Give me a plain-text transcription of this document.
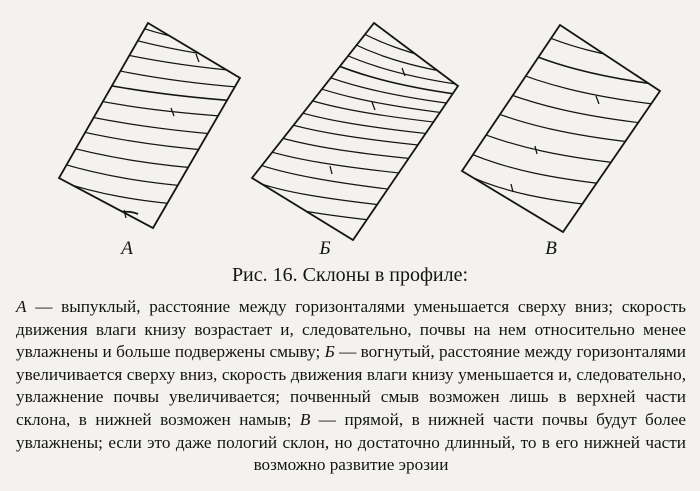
А	Б	В
Рис. 16. Склоны в профиле:
А — выпуклый, расстояние между горизонталями уменьшается сверху вниз; скорость движения влаги книзу возрастает и, следовательно, почвы на нем относительно менее увлажнены и больше подвержены смыву; Б — вогнутый, расстояние между горизонталями увеличивается сверху вниз, скорость движения влаги книзу уменьшается и, следовательно, увлажнение почвы увеличивается; почвенный смыв возможен лишь в верхней части склона, в нижней возможен намыв; В — прямой, в нижней части почвы будут более увлажнены; если это даже пологий склон, но достаточно длинный, то в его нижней части возможно развитие эрозии
